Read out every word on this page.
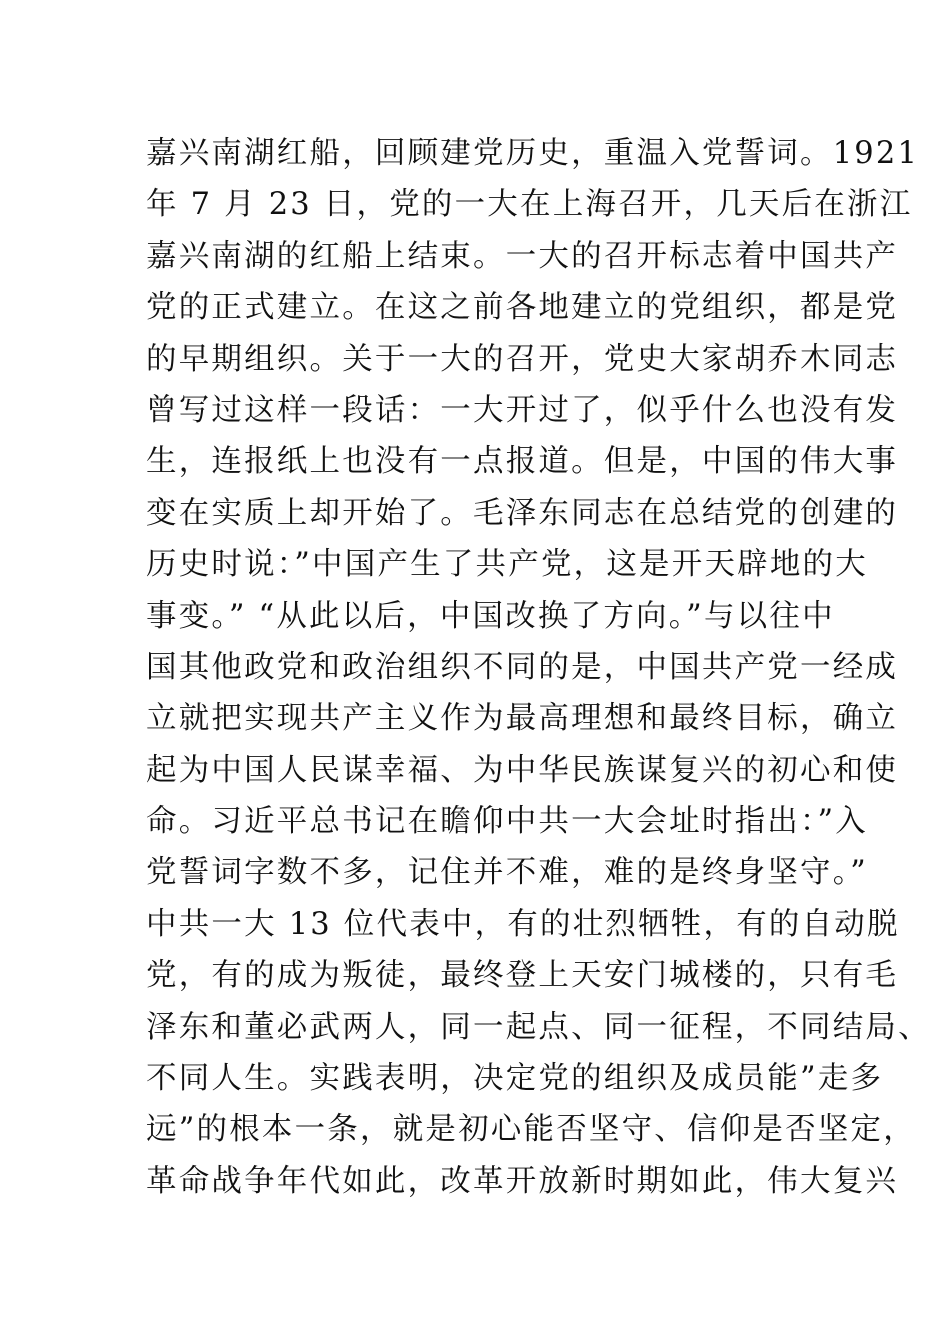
嘉兴南湖红船，回顾建党历史，重温入党誓词。1921
年 7 月 23 日，党的一大在上海召开，几天后在浙江
嘉兴南湖的红船上结束。一大的召开标志着中国共产
党的正式建立。在这之前各地建立的党组织，都是党
的早期组织。关于一大的召开，党史大家胡乔木同志
曾写过这样一段话：一大开过了，似乎什么也没有发
生，连报纸上也没有一点报道。但是，中国的伟大事
变在实质上却开始了。毛泽东同志在总结党的创建的
历史时说：”中国产生了共产党，这是开天辟地的大
事变。” “从此以后，中国改换了方向。”与以往中
国其他政党和政治组织不同的是，中国共产党一经成
立就把实现共产主义作为最高理想和最终目标，确立
起为中国人民谋幸福、为中华民族谋复兴的初心和使
命。习近平总书记在瞻仰中共一大会址时指出：”入
党誓词字数不多，记住并不难，难的是终身坚守。”
中共一大 13 位代表中，有的壮烈牺牲，有的自动脱
党，有的成为叛徒，最终登上天安门城楼的，只有毛
泽东和董必武两人，同一起点、同一征程，不同结局、
不同人生。实践表明，决定党的组织及成员能”走多
远”的根本一条，就是初心能否坚守、信仰是否坚定，
革命战争年代如此，改革开放新时期如此，伟大复兴
